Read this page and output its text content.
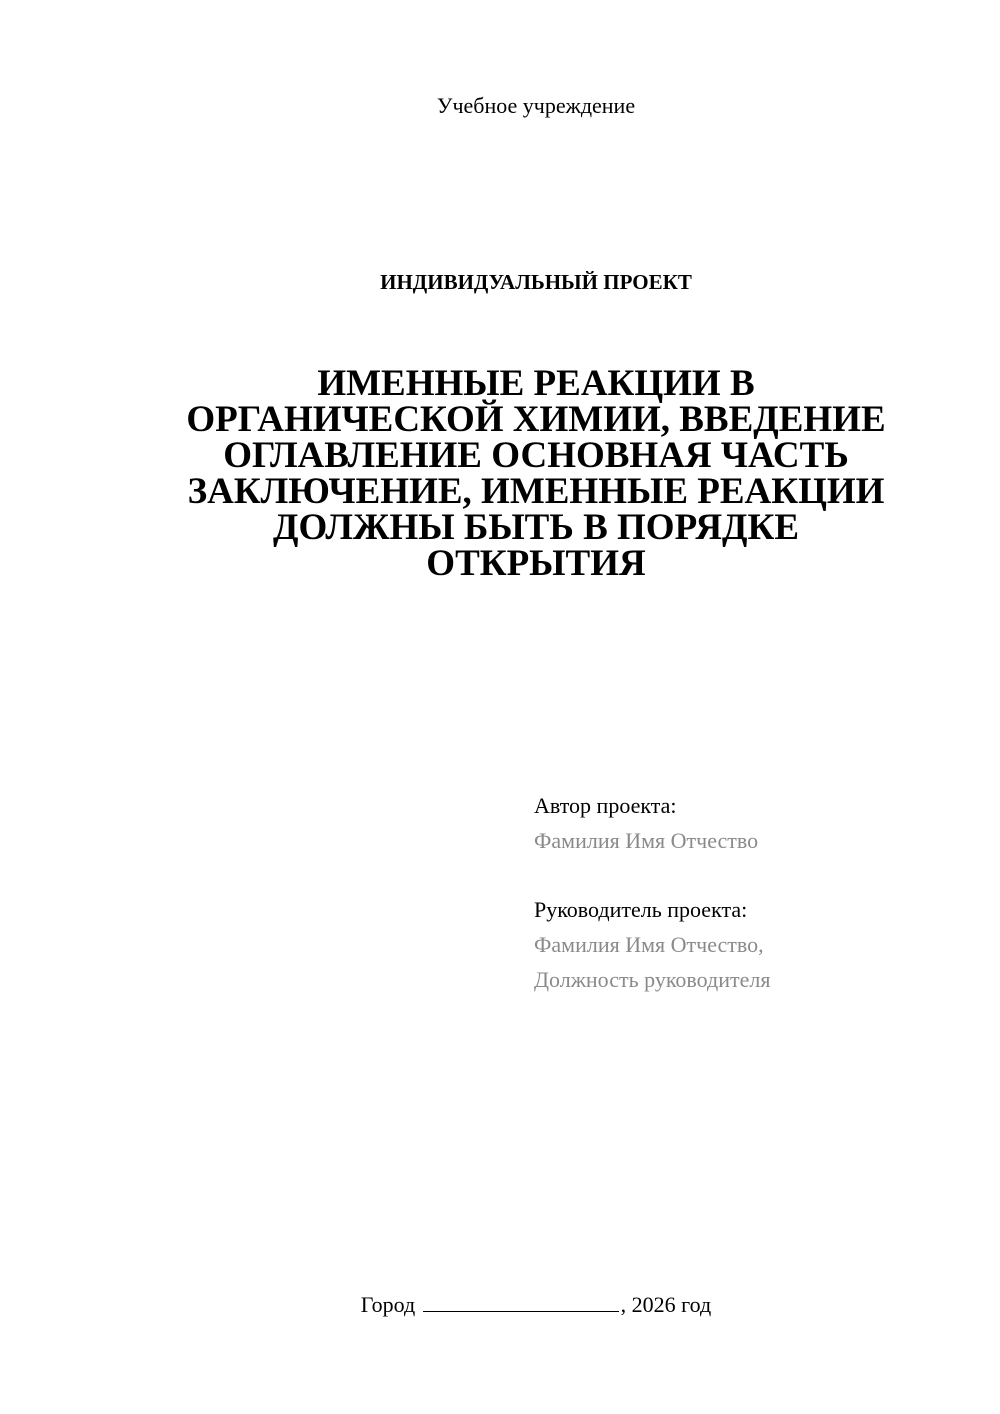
Учебное учреждение
ИНДИВИДУАЛЬНЫЙ ПРОЕКТ
ИМЕННЫЕ РЕАКЦИИ В
ОРГАНИЧЕСКОЙ ХИМИИ, ВВЕДЕНИЕ
ОГЛАВЛЕНИЕ ОСНОВНАЯ ЧАСТЬ
ЗАКЛЮЧЕНИЕ, ИМЕННЫЕ РЕАКЦИИ
ДОЛЖНЫ БЫТЬ В ПОРЯДКЕ
ОТКРЫТИЯ
Автор проекта:
Фамилия Имя Отчество
Руководитель проекта:
Фамилия Имя Отчество,
Должность руководителя
Город	, 2026 год
